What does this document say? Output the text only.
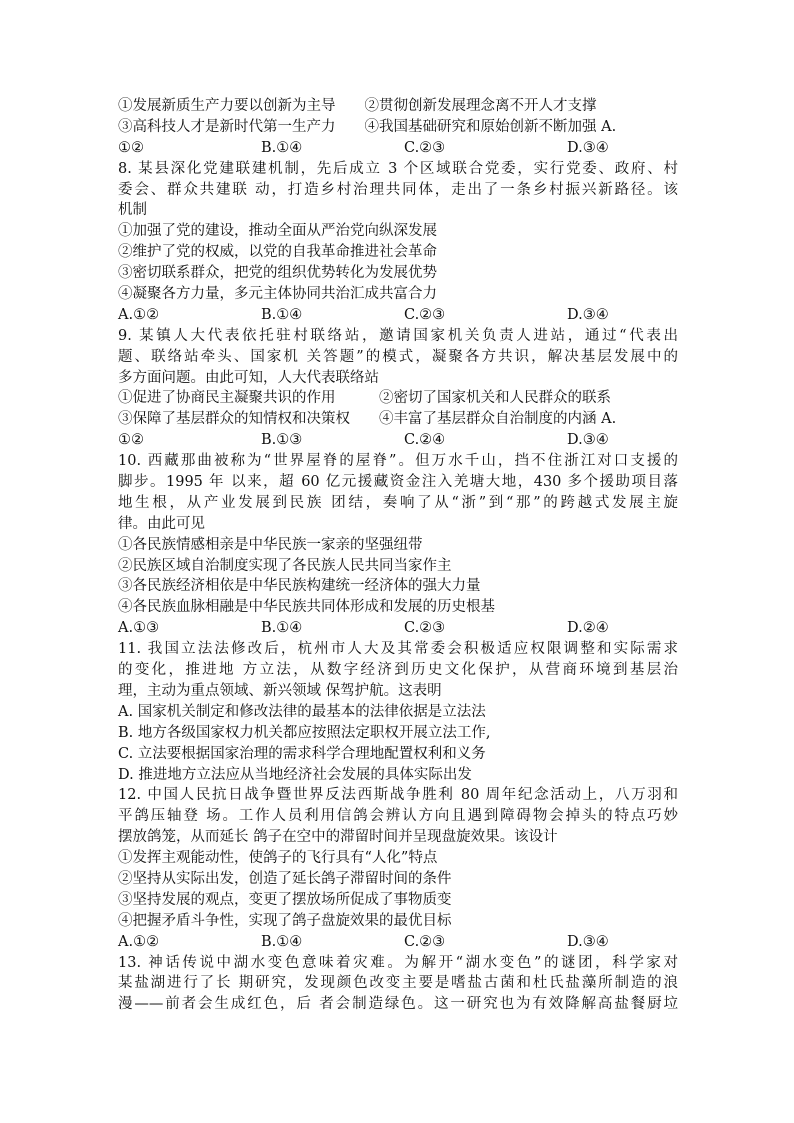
①发展新质生产力要以创新为主导　　②贯彻创新发展理念离不开人才支撑
③高科技人才是新时代第一生产力　　④我国基础研究和原始创新不断加强 A.
①②	B.①④	C.②③	D.③④
8. 某县深化党建联建机制，先后成立 3 个区域联合党委，实行党委、政府、村
委会、群众共建联 动，打造乡村治理共同体，走出了一条乡村振兴新路径。该
机制
①加强了党的建设，推动全面从严治党向纵深发展
②维护了党的权威，以党的自我革命推进社会革命
③密切联系群众，把党的组织优势转化为发展优势
④凝聚各方力量，多元主体协同共治汇成共富合力
A.①②	B.①④	C.②③	D.③④
9. 某镇人大代表依托驻村联络站，邀请国家机关负责人进站，通过“代表出
题、联络站牵头、国家机 关答题”的模式，凝聚各方共识，解决基层发展中的
多方面问题。由此可知，人大代表联络站
①促进了协商民主凝聚共识的作用　　　②密切了国家机关和人民群众的联系
③保障了基层群众的知情权和决策权　　④丰富了基层群众自治制度的内涵 A.
①②	B.①③	C.②④	D.③④
10. 西藏那曲被称为“世界屋脊的屋脊”。但万水千山，挡不住浙江对口支援的
脚步。1995 年 以来，超 60 亿元援藏资金注入羌塘大地，430 多个援助项目落
地生根，从产业发展到民族 团结，奏响了从“浙”到“那”的跨越式发展主旋
律。由此可见
①各民族情感相亲是中华民族一家亲的坚强纽带
②民族区域自治制度实现了各民族人民共同当家作主
③各民族经济相依是中华民族构建统一经济体的强大力量
④各民族血脉相融是中华民族共同体形成和发展的历史根基
A.①③	B.①④	C.②③	D.②④
11. 我国立法法修改后，杭州市人大及其常委会积极适应权限调整和实际需求
的变化，推进地 方立法，从数字经济到历史文化保护，从营商环境到基层治
理，主动为重点领域、新兴领域 保驾护航。这表明
A. 国家机关制定和修改法律的最基本的法律依据是立法法
B. 地方各级国家权力机关都应按照法定职权开展立法工作,
C. 立法要根据国家治理的需求科学合理地配置权利和义务
D. 推进地方立法应从当地经济社会发展的具体实际出发
12. 中国人民抗日战争暨世界反法西斯战争胜利 80 周年纪念活动上，八万羽和
平鸽压轴登 场。工作人员利用信鸽会辨认方向且遇到障碍物会掉头的特点巧妙
摆放鸽笼，从而延长 鸽子在空中的滞留时间并呈现盘旋效果。该设计
①发挥主观能动性，使鸽子的飞行具有“人化”特点
②坚持从实际出发，创造了延长鸽子滞留时间的条件
③坚持发展的观点，变更了摆放场所促成了事物质变
④把握矛盾斗争性，实现了鸽子盘旋效果的最优目标
A.①②	B.①④	C.②③	D.③④
13. 神话传说中湖水变色意味着灾难。为解开“湖水变色”的谜团，科学家对
某盐湖进行了长 期研究，发现颜色改变主要是嗜盐古菌和杜氏盐藻所制造的浪
漫——前者会生成红色，后 者会制造绿色。这一研究也为有效降解高盐餐厨垃
